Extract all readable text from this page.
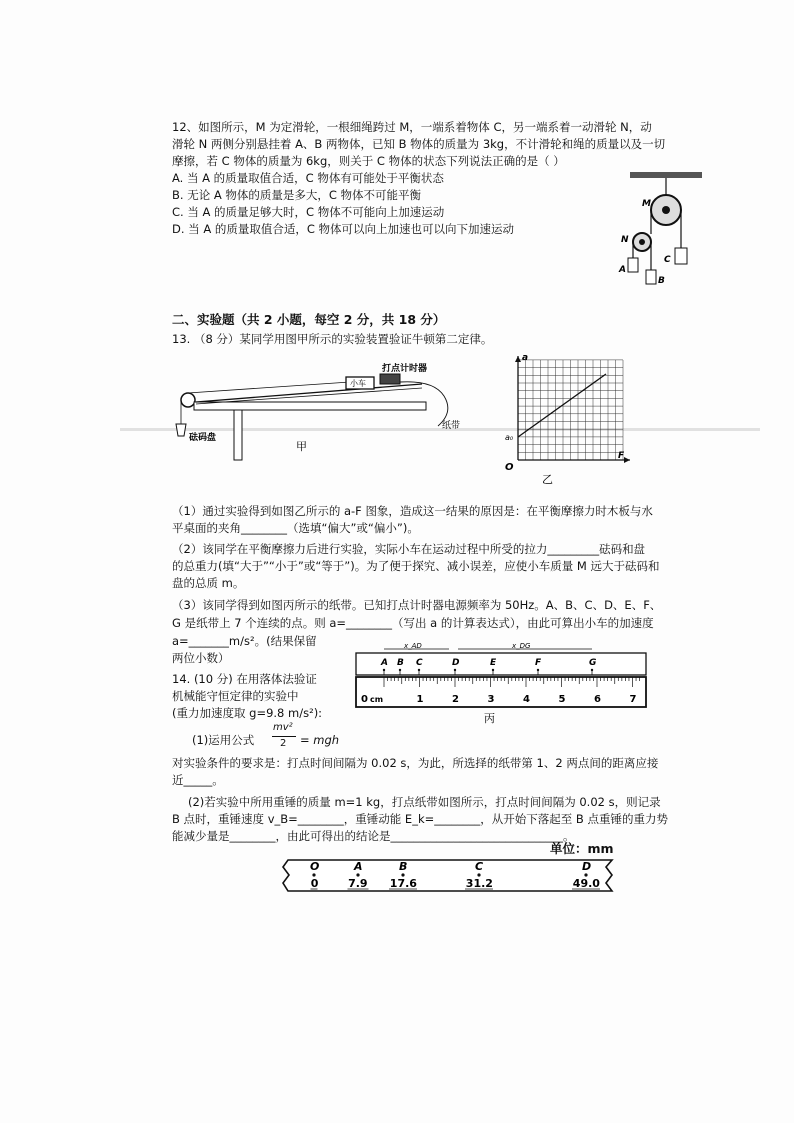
12、如图所示，M 为定滑轮，一根细绳跨过 M，一端系着物体 C，另一端系着一动滑轮 N，动
滑轮 N 两侧分别悬挂着 A、B 两物体，已知 B 物体的质量为 3kg，不计滑轮和绳的质量以及一切
摩擦，若 C 物体的质量为 6kg，则关于 C 物体的状态下列说法正确的是（ ）
A. 当 A 的质量取值合适，C 物体有可能处于平衡状态
B. 无论 A 物体的质量是多大，C 物体不可能平衡
C. 当 A 的质量足够大时，C 物体不可能向上加速运动
D. 当 A 的质量取值合适，C 物体可以向上加速也可以向下加速运动
M
N
A
B
C
二、实验题（共 2 小题，每空 2 分，共 18 分）
13. （8 分）某同学用图甲所示的实验装置验证牛顿第二定律。
小车
打点计时器
纸带
砝码盘
甲
a
F
O
a₀
乙
（1）通过实验得到如图乙所示的 a-F 图象，造成这一结果的原因是：在平衡摩擦力时木板与水
平桌面的夹角________（选填“偏大”或“偏小”)。
（2）该同学在平衡摩擦力后进行实验，实际小车在运动过程中所受的拉力_________砝码和盘
的总重力(填“大于”“小于”或“等于”)。为了便于探究、减小误差，应使小车质量 M 远大于砝码和
盘的总质 m。
（3）该同学得到如图丙所示的纸带。已知打点计时器电源频率为 50Hz。A、B、C、D、E、F、
G 是纸带上 7 个连续的点。则 a=________（写出 a 的计算表达式），由此可算出小车的加速度
a=_______m/s²。(结果保留
两位小数）
1	2	3	4	5	6	7
0
A B C	D	E	F	G
cm
x_AD	x_DG
丙
14. (10 分) 在用落体法验证
机械能守恒定律的实验中
(重力加速度取 g=9.8 m/s²):
(1)运用公式
mv²
2 = mgh
对实验条件的要求是：打点时间间隔为 0.02 s，为此，所选择的纸带第 1、2 两点间的距离应接
近_____。
(2)若实验中所用重锤的质量 m=1 kg，打点纸带如图所示，打点时间间隔为 0.02 s，则记录
B 点时，重锤速度 v_B=________，重锤动能 E_k=________，从开始下落起至 B 点重锤的重力势
能减少量是________，由此可得出的结论是______________________________。
单位：mm
O
0
A
7.9
B
17.6
C
31.2
D
49.0
